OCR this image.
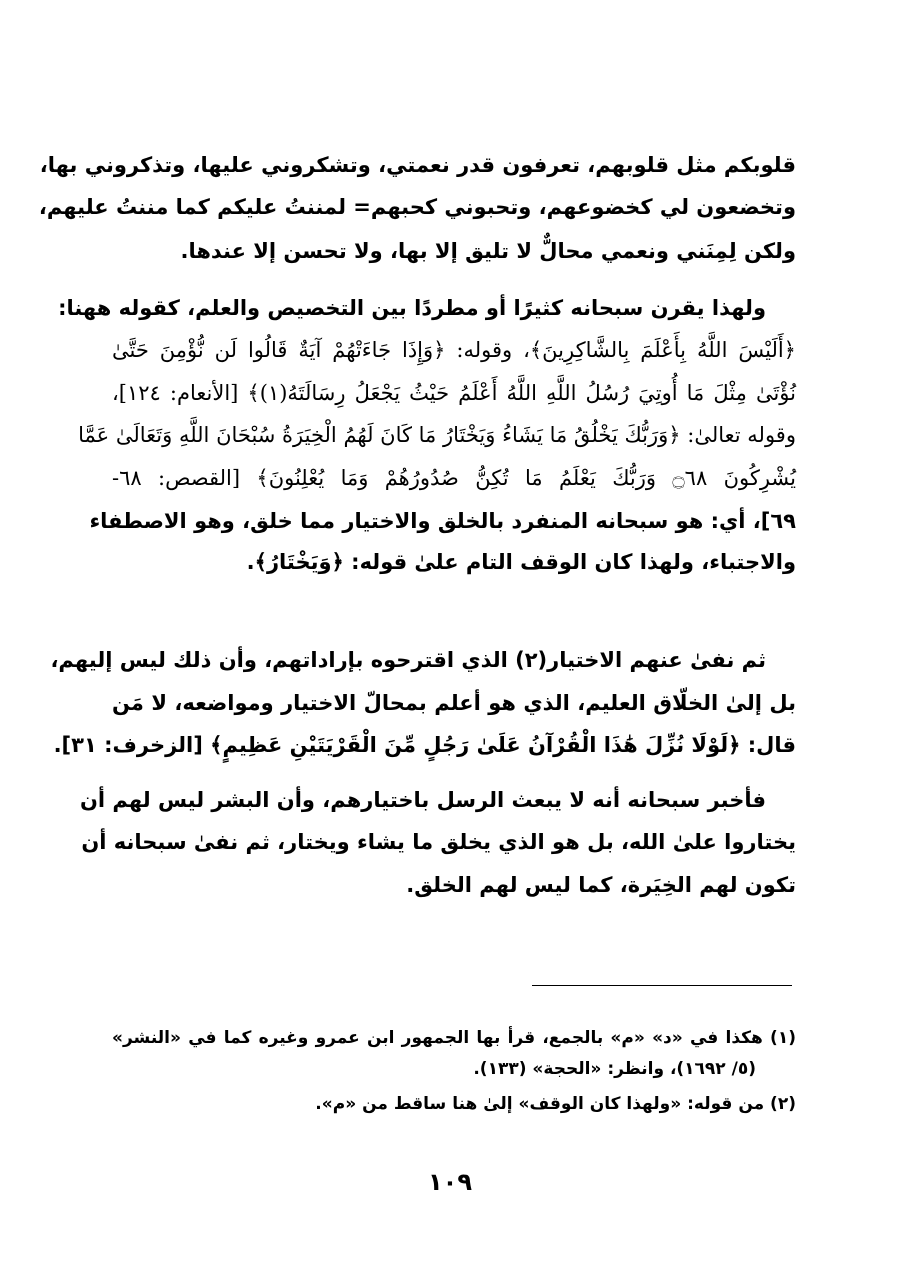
قلوبكم مثل قلوبهم، تعرفون قدر نعمتي، وتشكروني عليها، وتذكروني بها،
وتخضعون لي كخضوعهم، وتحبوني كحبهم= لمننتُ عليكم كما مننتُ عليهم،
ولكن لِمِنَني ونعمي محالٌّ لا تليق إلا بها، ولا تحسن إلا عندها.
ولهذا يقرن سبحانه كثيرًا أو مطردًا بين التخصيص والعلم، كقوله ههنا:
﴿أَلَيْسَ اللَّهُ بِأَعْلَمَ بِالشَّاكِرِينَ﴾، وقوله: ﴿وَإِذَا جَاءَتْهُمْ آيَةٌ قَالُوا لَن نُّؤْمِنَ حَتَّىٰ
نُؤْتَىٰ مِثْلَ مَا أُوتِيَ رُسُلُ اللَّهِ اللَّهُ أَعْلَمُ حَيْثُ يَجْعَلُ رِسَالَتَهُ(١)﴾ [الأنعام: ١٢٤]،
وقوله تعالىٰ: ﴿وَرَبُّكَ يَخْلُقُ مَا يَشَاءُ وَيَخْتَارُ مَا كَانَ لَهُمُ الْخِيَرَةُ سُبْحَانَ اللَّهِ وَتَعَالَىٰ عَمَّا
يُشْرِكُونَ ۝٦٨ وَرَبُّكَ يَعْلَمُ مَا تُكِنُّ صُدُورُهُمْ وَمَا يُعْلِنُونَ﴾ [القصص: ٦٨-
٦٩]، أي: هو سبحانه المنفرد بالخلق والاختيار مما خلق، وهو الاصطفاء
والاجتباء، ولهذا كان الوقف التام علىٰ قوله: ﴿وَيَخْتَارُ﴾.
ثم نفىٰ عنهم الاختيار(٢) الذي اقترحوه بإراداتهم، وأن ذلك ليس إليهم،
بل إلىٰ الخلّاق العليم، الذي هو أعلم بمحالّ الاختيار ومواضعه، لا مَن
قال: ﴿لَوْلَا نُزِّلَ هَٰذَا الْقُرْآنُ عَلَىٰ رَجُلٍ مِّنَ الْقَرْيَتَيْنِ عَظِيمٍ﴾ [الزخرف: ٣١].
فأخبر سبحانه أنه لا يبعث الرسل باختيارهم، وأن البشر ليس لهم أن
يختاروا علىٰ الله، بل هو الذي يخلق ما يشاء ويختار، ثم نفىٰ سبحانه أن
تكون لهم الخِيَرة، كما ليس لهم الخلق.
(١) هكذا في «د» «م» بالجمع، قرأ بها الجمهور ابن عمرو وغيره كما في «النشر»
(٥/ ١٦٩٢)، وانظر: «الحجة» (١٣٣).
(٢) من قوله: «ولهذا كان الوقف» إلىٰ هنا ساقط من «م».
١٠٩
